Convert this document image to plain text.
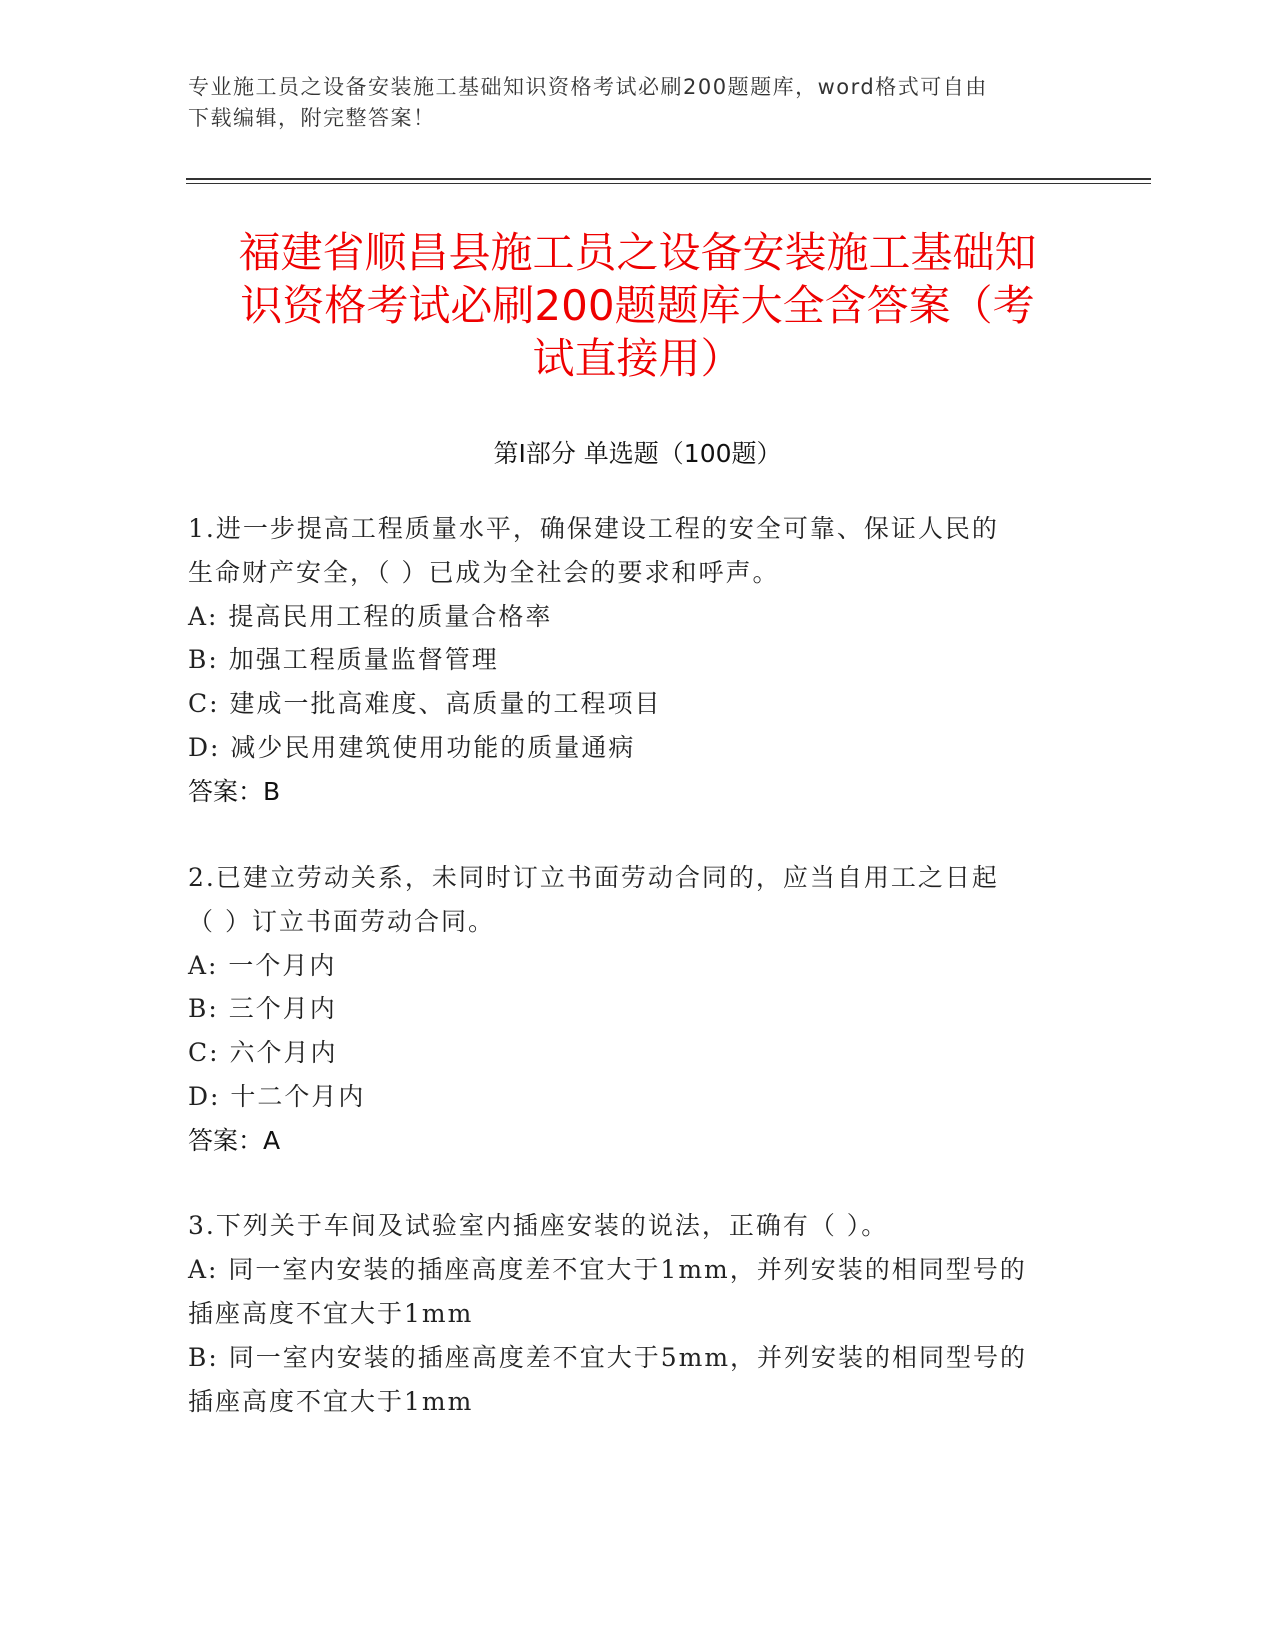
专业施工员之设备安装施工基础知识资格考试必刷200题题库，word格式可自由
下载编辑，附完整答案！
福建省顺昌县施工员之设备安装施工基础知
识资格考试必刷200题题库大全含答案（考
试直接用）
第Ⅰ部分 单选题（100题）
1.进一步提高工程质量水平，确保建设工程的安全可靠、保证人民的
生命财产安全，（ ）已成为全社会的要求和呼声。
A: 提高民用工程的质量合格率
B: 加强工程质量监督管理
C: 建成一批高难度、高质量的工程项目
D: 减少民用建筑使用功能的质量通病
答案：B
2.已建立劳动关系，未同时订立书面劳动合同的，应当自用工之日起
（ ）订立书面劳动合同。
A: 一个月内
B: 三个月内
C: 六个月内
D: 十二个月内
答案：A
3.下列关于车间及试验室内插座安装的说法，正确有（ ）。
A: 同一室内安装的插座高度差不宜大于1mm，并列安装的相同型号的
插座高度不宜大于1mm
B: 同一室内安装的插座高度差不宜大于5mm，并列安装的相同型号的
插座高度不宜大于1mm
